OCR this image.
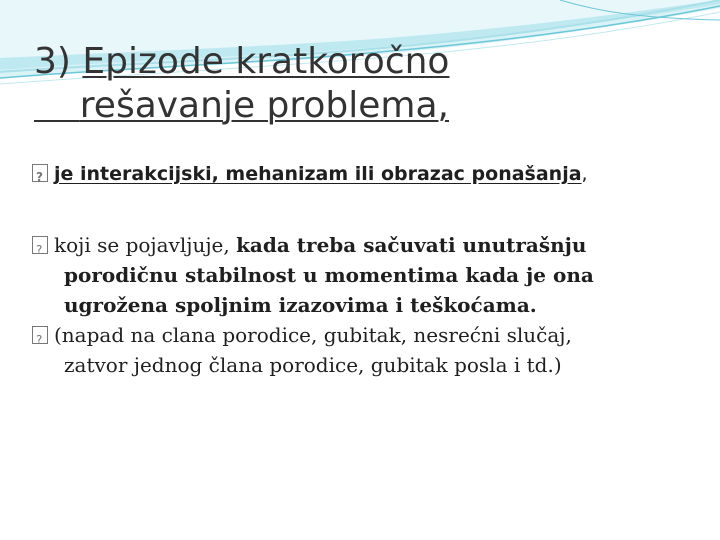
3) Epizode kratkoročno
rešavanje problema,
?je interakcijski, mehanizam ili obrazac ponašanja,
?koji se pojavljuje, kada treba sačuvati unutrašnju
porodičnu stabilnost u momentima kada je ona
ugrožena spoljnim izazovima i teškoćama.
?(napad na clana porodice, gubitak, nesrećni slučaj,
zatvor jednog člana porodice, gubitak posla i td.)
